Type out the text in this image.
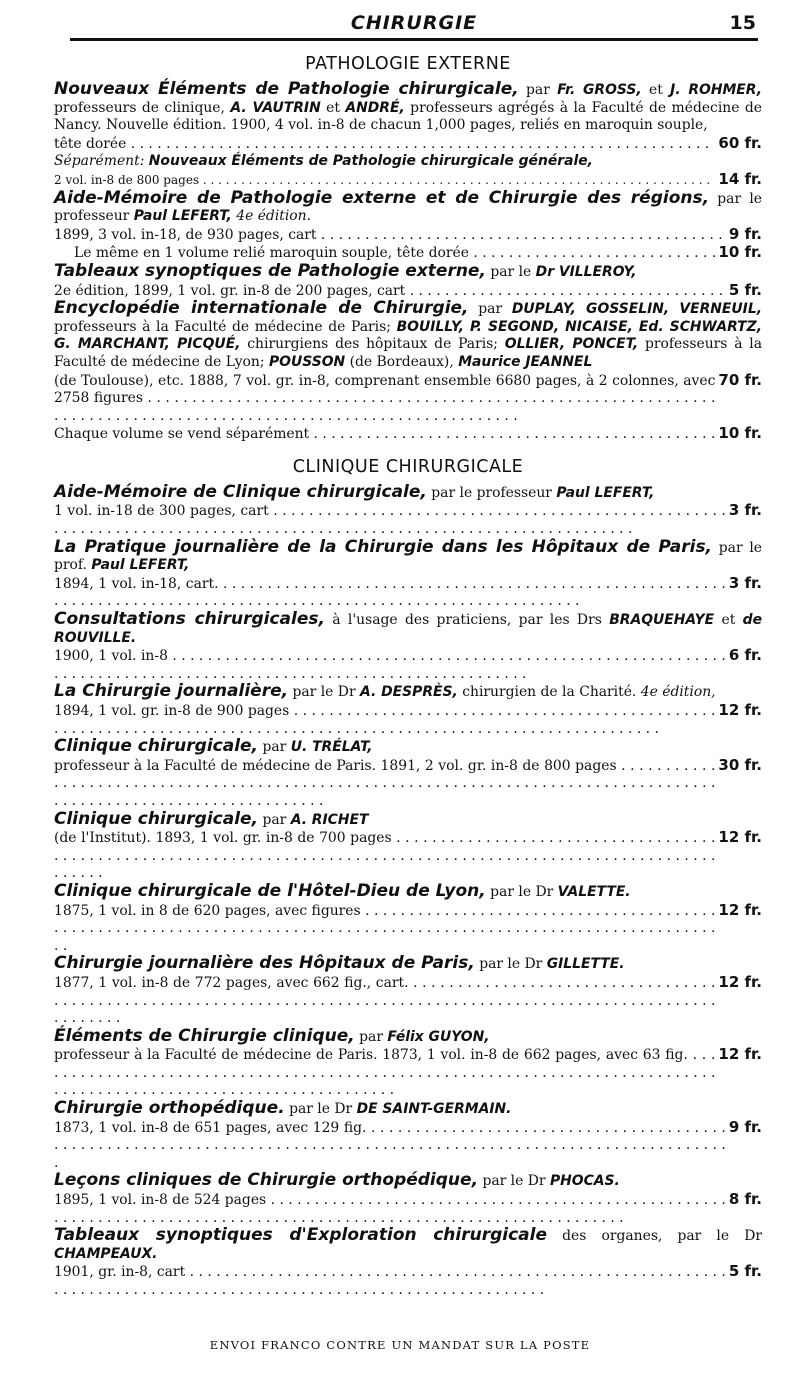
CHIRURGIE	15
PATHOLOGIE EXTERNE

Nouveaux Éléments de Pathologie chirurgicale, par Fr. GROSS, et J. ROHMER, professeurs de clinique, A. VAUTRIN et ANDRÉ, professeurs agrégés à la Faculté de médecine de Nancy. Nouvelle édition. 1900, 4 vol. in-8 de chacun 1,000 pages, reliés en maroquin souple,

tête dorée . . .	60 fr.
Séparément: Nouveaux Éléments de Pathologie chirurgicale générale,
2 vol. in-8 de 800 pages . . .	14 fr.

Aide-Mémoire de Pathologie externe et de Chirurgie des régions, par le professeur Paul LEFERT, 4e édition.

1899, 3 vol. in-18, de 930 pages, cart . . .	9 fr.
Le même en 1 volume relié maroquin souple, tête dorée . . .	10 fr.

Tableaux synoptiques de Pathologie externe, par le Dr VILLEROY,

2e édition, 1899, 1 vol. gr. in-8 de 200 pages, cart . . .	5 fr.

Encyclopédie internationale de Chirurgie, par DUPLAY, GOSSELIN, VERNEUIL, professeurs à la Faculté de médecine de Paris; BOUILLY, P. SEGOND, NICAISE, Ed. SCHWARTZ, G. MARCHANT, PICQUÉ, chirurgiens des hôpitaux de Paris; OLLIER, PONCET, professeurs à la Faculté de médecine de Lyon; POUSSON (de Bordeaux), Maurice JEANNEL

(de Toulouse), etc. 1888, 7 vol. gr. in-8, comprenant ensemble 6680 pages, à 2 colonnes, avec 2758 figures . . .
70 fr.
Chaque volume se vend séparément . . .	10 fr.
CLINIQUE CHIRURGICALE

Aide-Mémoire de Clinique chirurgicale, par le professeur Paul LEFERT,

1 vol. in-18 de 300 pages, cart . . .	3 fr.

La Pratique journalière de la Chirurgie dans les Hôpitaux de Paris, par le prof. Paul LEFERT,

1894, 1 vol. in-18, cart. . . .	3 fr.

Consultations chirurgicales, à l'usage des praticiens, par les Drs BRAQUEHAYE et de ROUVILLE.

1900, 1 vol. in-8 . . .	6 fr.

La Chirurgie journalière, par le Dr A. DESPRÈS, chirurgien de la Charité. 4e édition,

1894, 1 vol. gr. in-8 de 900 pages . . .	12 fr.

Clinique chirurgicale, par U. TRÉLAT,

professeur à la Faculté de médecine de Paris. 1891, 2 vol. gr. in-8 de 800 pages . . .	30 fr.

Clinique chirurgicale, par A. RICHET

(de l'Institut). 1893, 1 vol. gr. in-8 de 700 pages . . .	12 fr.

Clinique chirurgicale de l'Hôtel-Dieu de Lyon, par le Dr VALETTE.

1875, 1 vol. in 8 de 620 pages, avec figures . . .	12 fr.

Chirurgie journalière des Hôpitaux de Paris, par le Dr GILLETTE.

1877, 1 vol. in-8 de 772 pages, avec 662 fig., cart. . . .	12 fr.

Éléments de Chirurgie clinique, par Félix GUYON,

professeur à la Faculté de médecine de Paris. 1873, 1 vol. in-8 de 662 pages, avec 63 fig. . . .	12 fr.

Chirurgie orthopédique. par le Dr DE SAINT-GERMAIN.

1873, 1 vol. in-8 de 651 pages, avec 129 fig. . . .	9 fr.

Leçons cliniques de Chirurgie orthopédique, par le Dr PHOCAS.

1895, 1 vol. in-8 de 524 pages . . .	8 fr.

Tableaux synoptiques d'Exploration chirurgicale des organes, par le Dr CHAMPEAUX.

1901, gr. in-8, cart . . .	5 fr.
ENVOI FRANCO CONTRE UN MANDAT SUR LA POSTE
